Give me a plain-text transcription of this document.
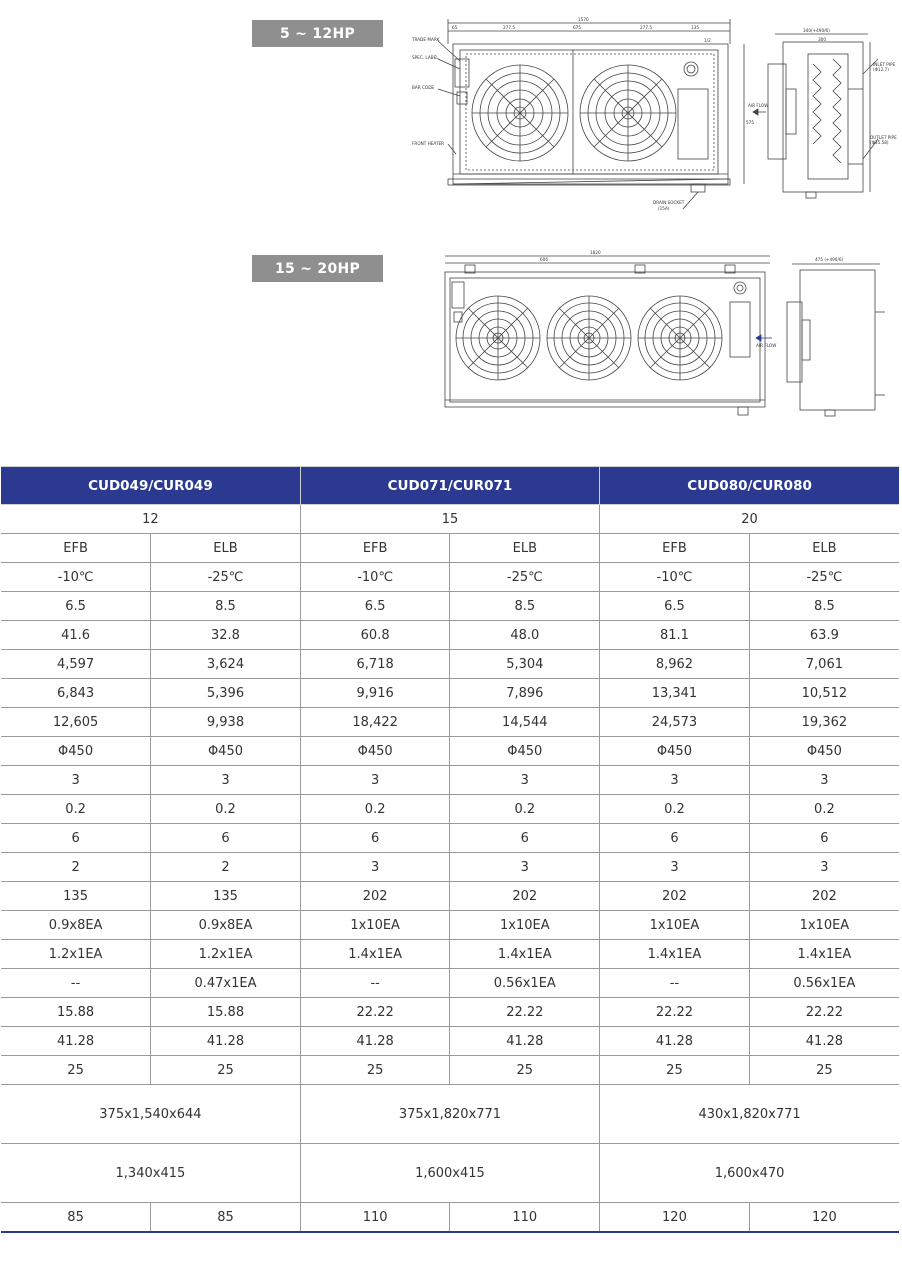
5 ~ 12HP
15 ~ 20HP
TRADE MARK
SPEC. LABEL
BAR CODE
FRONT HEATER
DRAIN SOCKET
(15A)
AIR FLOW
INLET PIPE
(Φ12.7)
OUTLET PIPE
(Φ35.58)
1570
277.5	675	277.5
65	135
340(+490/6)
300
575
1/2
1820
606	475 (+490/6)
AIR FLOW
CUD049/CUR049		CUD071/CUR071		CUD080/CUR080	
12		15		20	
EFB	ELB	EFB	ELB	EFB	ELB
-10℃	-25℃	-10℃	-25℃	-10℃	-25℃
6.5	8.5	6.5	8.5	6.5	8.5
41.6	32.8	60.8	48.0	81.1	63.9
4,597	3,624	6,718	5,304	8,962	7,061
6,843	5,396	9,916	7,896	13,341	10,512
12,605	9,938	18,422	14,544	24,573	19,362
Φ450	Φ450	Φ450	Φ450	Φ450	Φ450
3	3	3	3	3	3
0.2	0.2	0.2	0.2	0.2	0.2
6	6	6	6	6	6
2	2	3	3	3	3
135	135	202	202	202	202
0.9x8EA	0.9x8EA	1x10EA	1x10EA	1x10EA	1x10EA
1.2x1EA	1.2x1EA	1.4x1EA	1.4x1EA	1.4x1EA	1.4x1EA
--	0.47x1EA	--	0.56x1EA	--	0.56x1EA
15.88	15.88	22.22	22.22	22.22	22.22
41.28	41.28	41.28	41.28	41.28	41.28
25	25	25	25	25	25
375x1,540x644		375x1,820x771		430x1,820x771	
1,340x415		1,600x415		1,600x470	
85	85	110	110	120	120
